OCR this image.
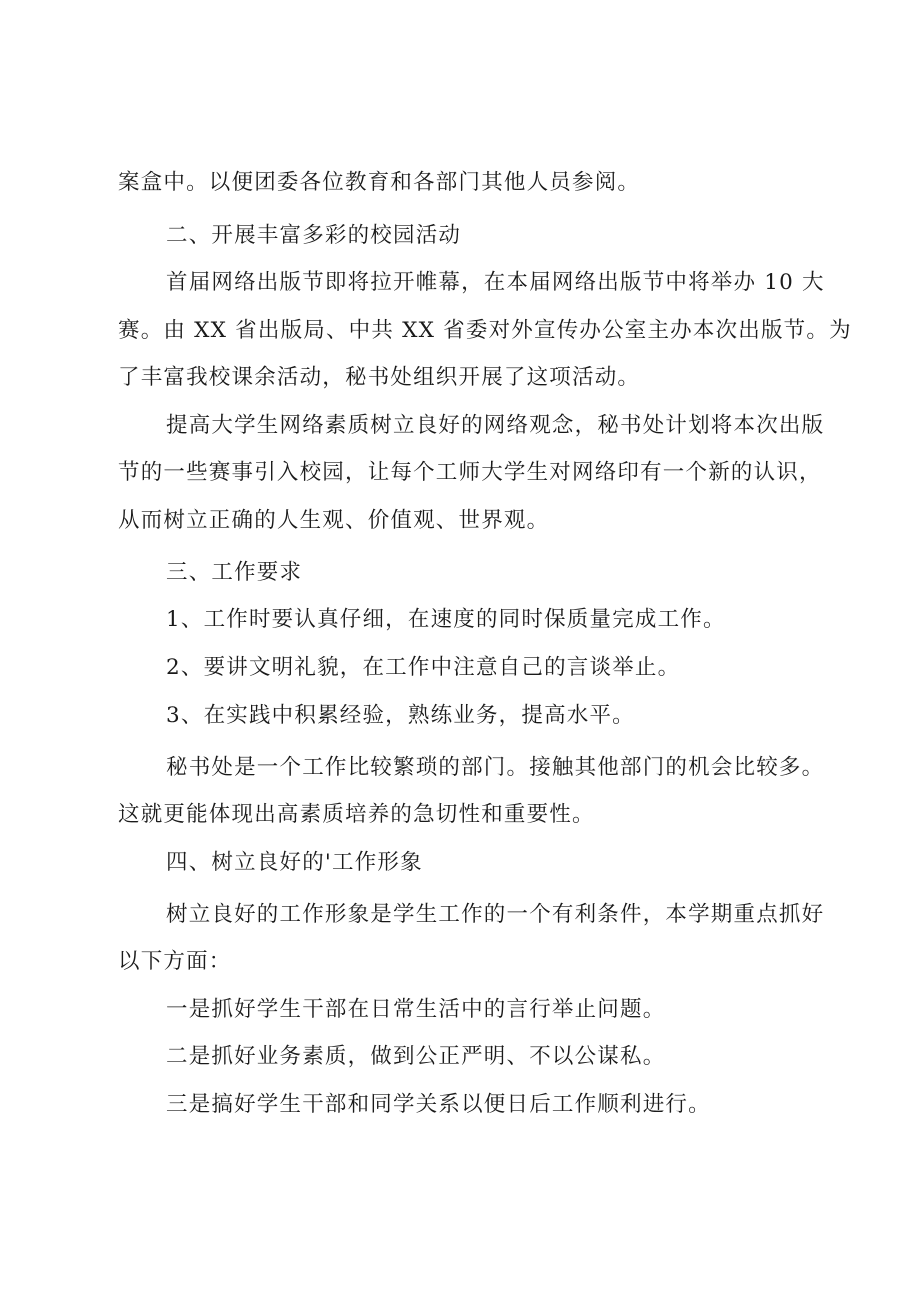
案盒中。以便团委各位教育和各部门其他人员参阅。
二、开展丰富多彩的校园活动
首届网络出版节即将拉开帷幕，在本届网络出版节中将举办 10 大
赛。由 XX 省出版局、中共 XX 省委对外宣传办公室主办本次出版节。为
了丰富我校课余活动，秘书处组织开展了这项活动。
提高大学生网络素质树立良好的网络观念，秘书处计划将本次出版
节的一些赛事引入校园，让每个工师大学生对网络印有一个新的认识，
从而树立正确的人生观、价值观、世界观。
三、工作要求
1、工作时要认真仔细，在速度的同时保质量完成工作。
2、要讲文明礼貌，在工作中注意自己的言谈举止。
3、在实践中积累经验，熟练业务，提高水平。
秘书处是一个工作比较繁琐的部门。接触其他部门的机会比较多。
这就更能体现出高素质培养的急切性和重要性。
四、树立良好的'工作形象
树立良好的工作形象是学生工作的一个有利条件，本学期重点抓好
以下方面：
一是抓好学生干部在日常生活中的言行举止问题。
二是抓好业务素质，做到公正严明、不以公谋私。
三是搞好学生干部和同学关系以便日后工作顺利进行。
